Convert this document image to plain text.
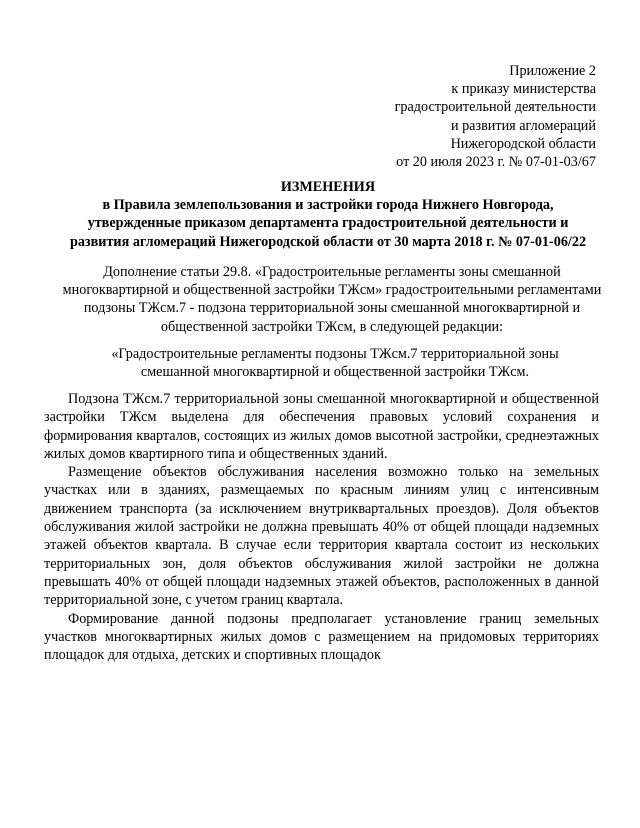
Приложение 2
к приказу министерства
градостроительной деятельности
и развития агломераций
Нижегородской области
от 20 июля 2023 г. № 07-01-03/67
ИЗМЕНЕНИЯ
в Правила землепользования и застройки города Нижнего Новгорода,
утвержденные приказом департамента градостроительной деятельности и
развития агломераций Нижегородской области от 30 марта 2018 г. № 07-01-06/22
Дополнение статьи 29.8. «Градостроительные регламенты зоны смешанной
многоквартирной и общественной застройки ТЖсм» градостроительными регламентами
подзоны ТЖсм.7 - подзона территориальной зоны смешанной многоквартирной и
общественной застройки ТЖсм, в следующей редакции:
«Градостроительные регламенты подзоны ТЖсм.7 территориальной зоны
смешанной многоквартирной и общественной застройки ТЖсм.
Подзона ТЖсм.7 территориальной зоны смешанной многоквартирной и общественной
застройки ТЖсм выделена для обеспечения правовых условий сохранения и
формирования кварталов, состоящих из жилых домов высотной застройки, среднеэтажных
жилых домов квартирного типа и общественных зданий.
Размещение объектов обслуживания населения возможно только на земельных
участках или в зданиях, размещаемых по красным линиям улиц с интенсивным
движением транспорта (за исключением внутриквартальных проездов). Доля объектов
обслуживания жилой застройки не должна превышать 40% от общей площади надземных
этажей объектов квартала. В случае если территория квартала состоит из нескольких
территориальных зон, доля объектов обслуживания жилой застройки не должна
превышать 40% от общей площади надземных этажей объектов, расположенных в данной
территориальной зоне, с учетом границ квартала.
Формирование данной подзоны предполагает установление границ земельных
участков многоквартирных жилых домов с размещением на придомовых территориях
площадок для отдыха, детских и спортивных площадок
